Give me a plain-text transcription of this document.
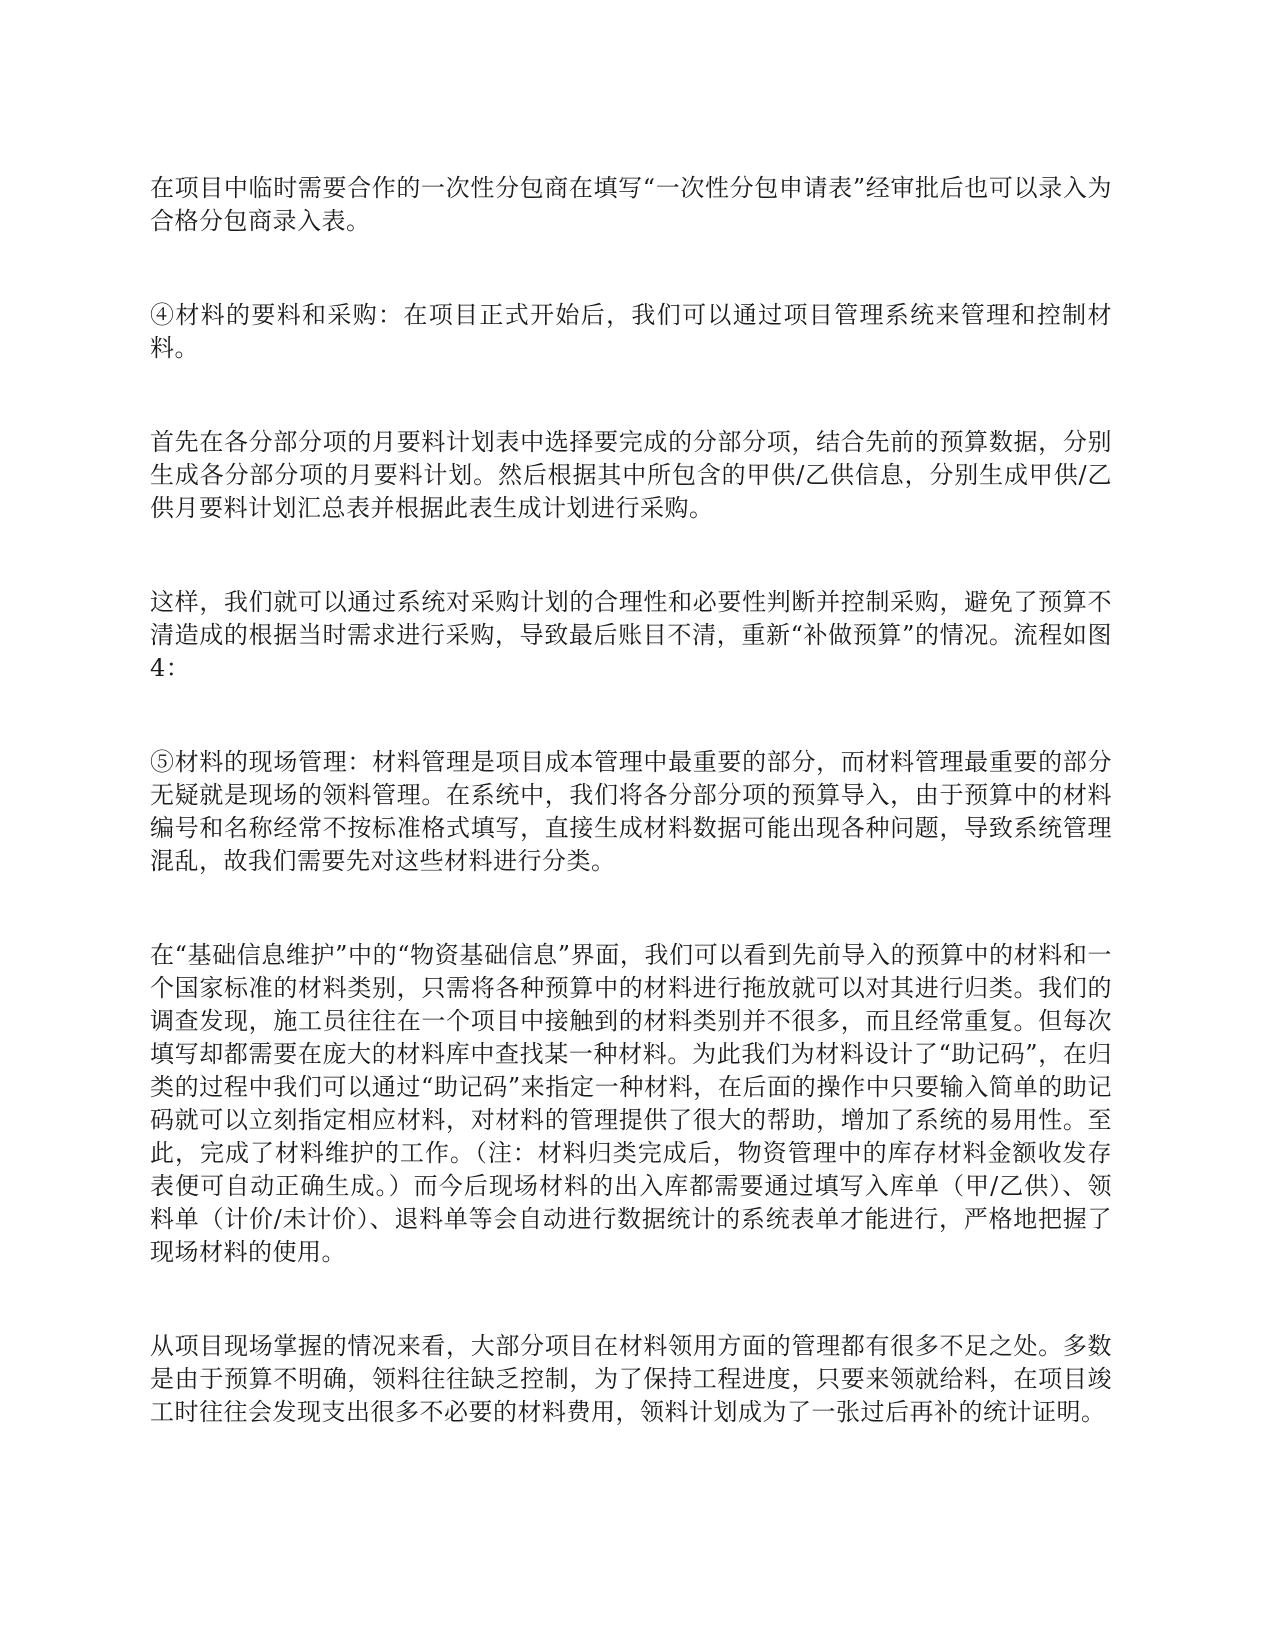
在项目中临时需要合作的一次性分包商在填写“一次性分包申请表”经审批后也可以录入为合格分包商录入表。

④材料的要料和采购：在项目正式开始后，我们可以通过项目管理系统来管理和控制材料。

首先在各分部分项的月要料计划表中选择要完成的分部分项，结合先前的预算数据，分别生成各分部分项的月要料计划。然后根据其中所包含的甲供/乙供信息，分别生成甲供/乙供月要料计划汇总表并根据此表生成计划进行采购。

这样，我们就可以通过系统对采购计划的合理性和必要性判断并控制采购，避免了预算不清造成的根据当时需求进行采购，导致最后账目不清，重新“补做预算”的情况。流程如图4：

⑤材料的现场管理：材料管理是项目成本管理中最重要的部分，而材料管理最重要的部分无疑就是现场的领料管理。在系统中，我们将各分部分项的预算导入，由于预算中的材料编号和名称经常不按标准格式填写，直接生成材料数据可能出现各种问题，导致系统管理混乱，故我们需要先对这些材料进行分类。

在“基础信息维护”中的“物资基础信息”界面，我们可以看到先前导入的预算中的材料和一个国家标准的材料类别，只需将各种预算中的材料进行拖放就可以对其进行归类。我们的调查发现，施工员往往在一个项目中接触到的材料类别并不很多，而且经常重复。但每次填写却都需要在庞大的材料库中查找某一种材料。为此我们为材料设计了“助记码”，在归类的过程中我们可以通过“助记码”来指定一种材料，在后面的操作中只要输入简单的助记码就可以立刻指定相应材料，对材料的管理提供了很大的帮助，增加了系统的易用性。至此，完成了材料维护的工作。（注：材料归类完成后，物资管理中的库存材料金额收发存表便可自动正确生成。）而今后现场材料的出入库都需要通过填写入库单（甲/乙供）、领料单（计价/未计价）、退料单等会自动进行数据统计的系统表单才能进行，严格地把握了现场材料的使用。

从项目现场掌握的情况来看，大部分项目在材料领用方面的管理都有很多不足之处。多数是由于预算不明确，领料往往缺乏控制，为了保持工程进度，只要来领就给料，在项目竣工时往往会发现支出很多不必要的材料费用，领料计划成为了一张过后再补的统计证明。
